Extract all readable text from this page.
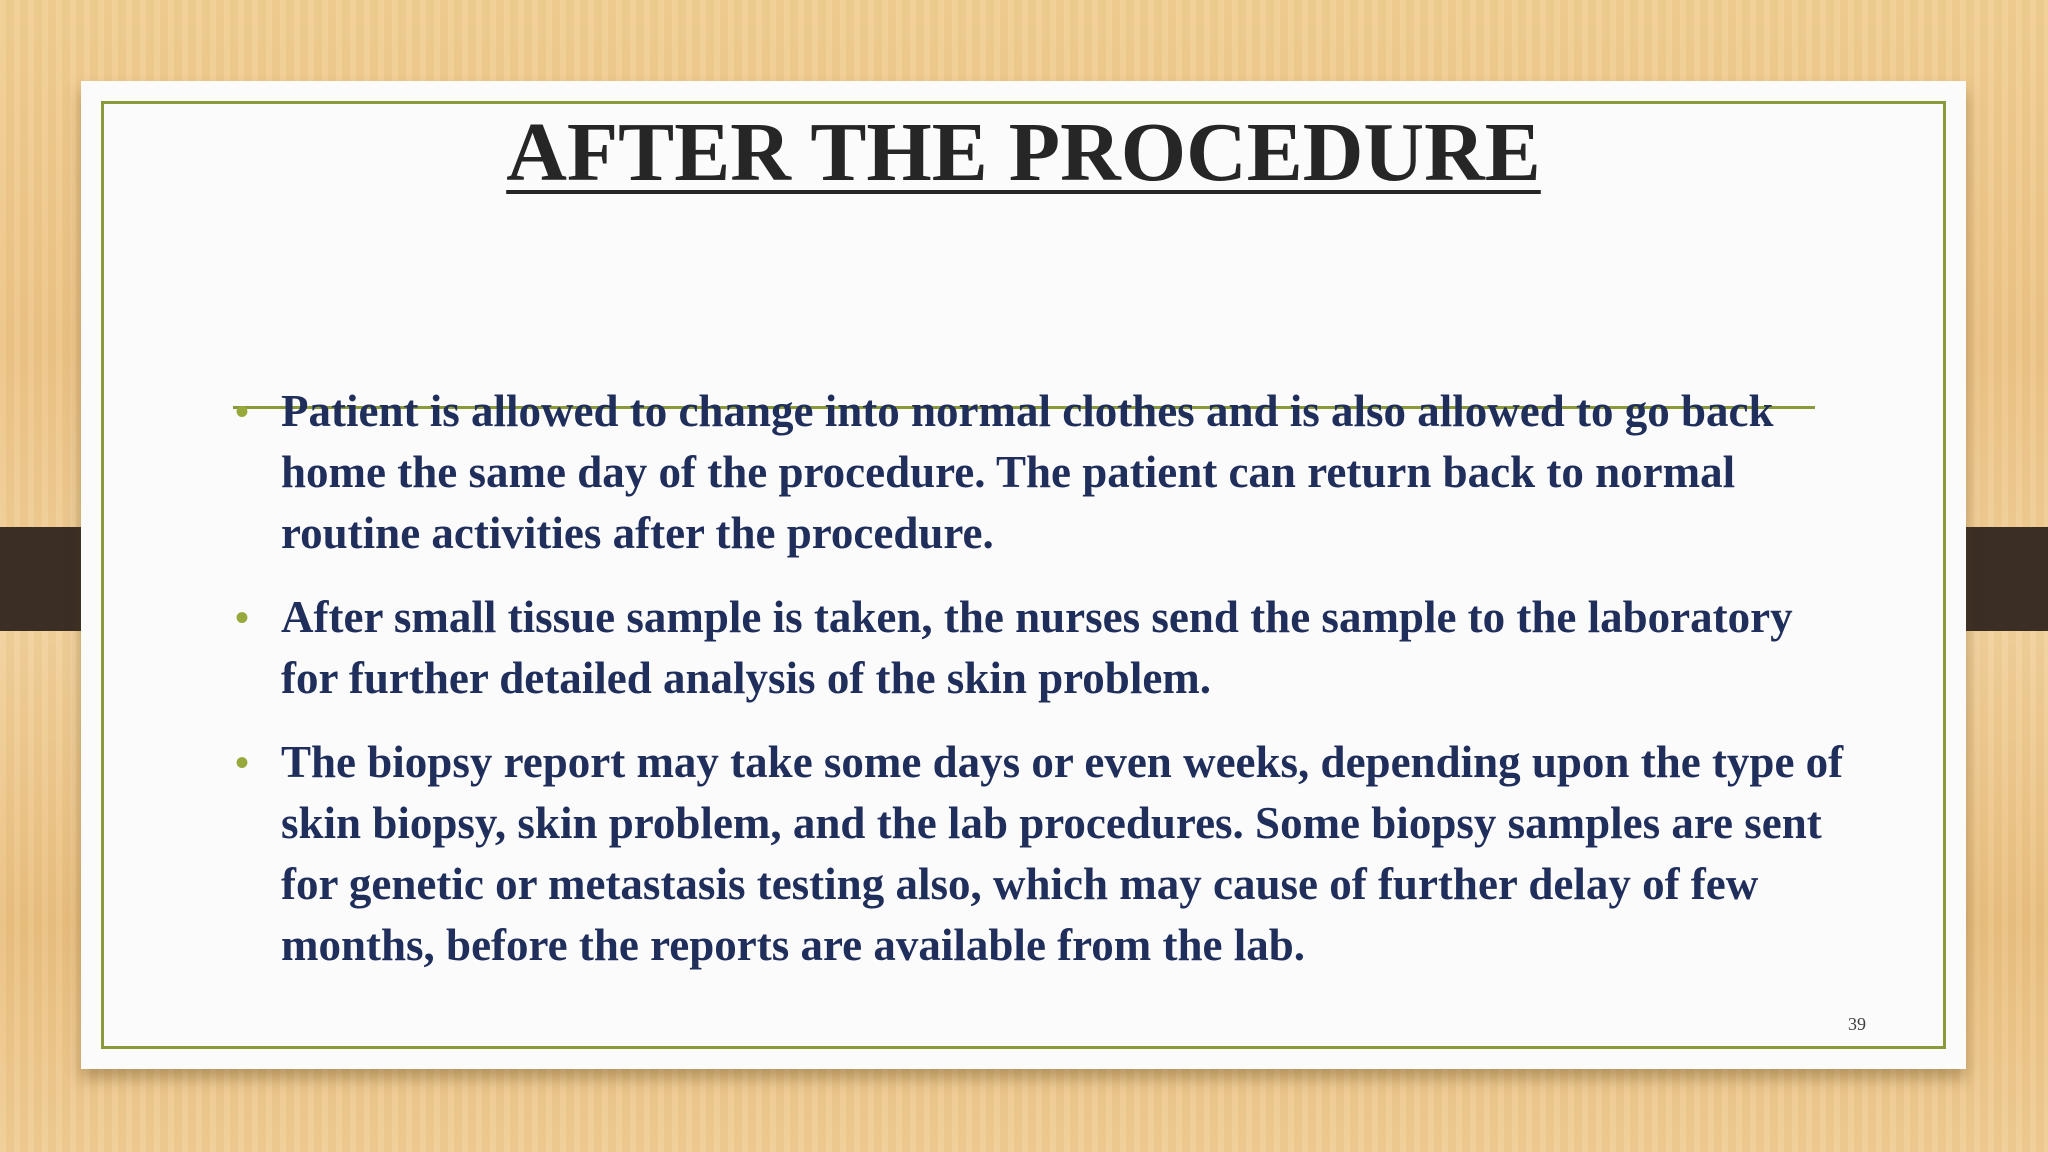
AFTER THE PROCEDURE
• Patient is allowed to change into normal clothes and is also allowed to go back home the same day of the procedure. The patient can return back to normal routine activities after the procedure.
• After small tissue sample is taken, the nurses send the sample to the laboratory for further detailed analysis of the skin problem.
• The biopsy report may take some days or even weeks, depending upon the type of skin biopsy, skin problem, and the lab procedures. Some biopsy samples are sent for genetic or metastasis testing also, which may cause of further delay of few months, before the reports are available from the lab.
39
